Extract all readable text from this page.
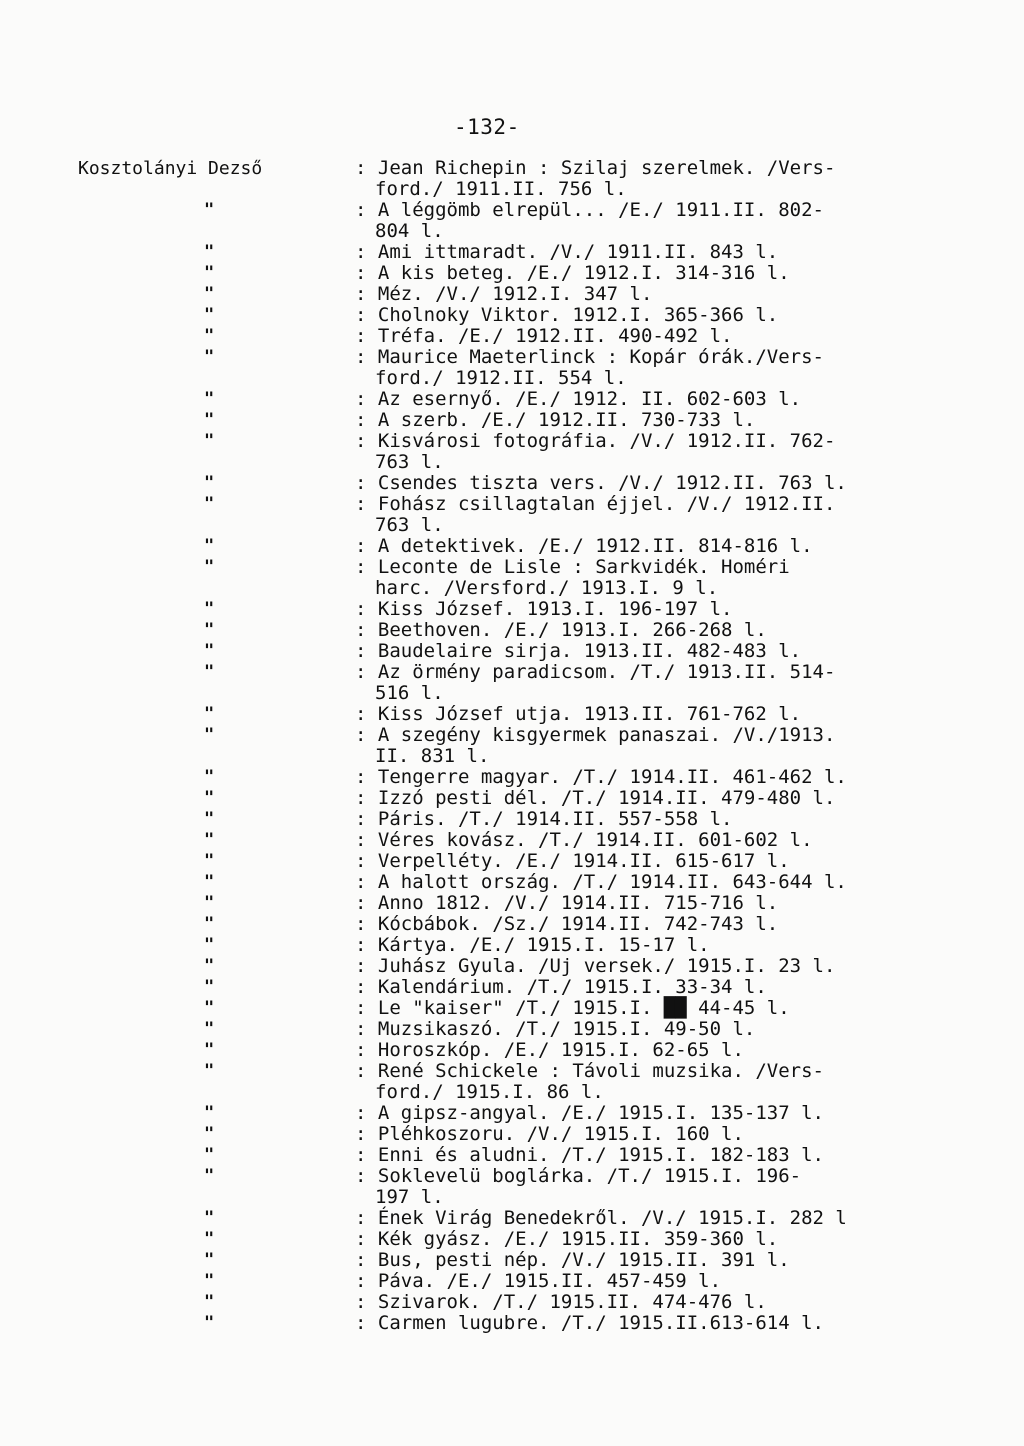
-132-
Kosztolányi Dezső	: Jean Richepin : Szilaj szerelmek. /Vers-
ford./ 1911.II. 756 l.
"	: A léggömb elrepül... /E./ 1911.II. 802-
804 l.
"	: Ami ittmaradt. /V./ 1911.II. 843 l.
"	: A kis beteg. /E./ 1912.I. 314-316 l.
"	: Méz. /V./ 1912.I. 347 l.
"	: Cholnoky Viktor. 1912.I. 365-366 l.
"	: Tréfa. /E./ 1912.II. 490-492 l.
"	: Maurice Maeterlinck : Kopár órák./Vers-
ford./ 1912.II. 554 l.
"	: Az esernyő. /E./ 1912. II. 602-603 l.
"	: A szerb. /E./ 1912.II. 730-733 l.
"	: Kisvárosi fotográfia. /V./ 1912.II. 762-
763 l.
"	: Csendes tiszta vers. /V./ 1912.II. 763 l.
"	: Fohász csillagtalan éjjel. /V./ 1912.II.
763 l.
"	: A detektivek. /E./ 1912.II. 814-816 l.
"	: Leconte de Lisle : Sarkvidék. Homéri
harc. /Versford./ 1913.I. 9 l.
"	: Kiss József. 1913.I. 196-197 l.
"	: Beethoven. /E./ 1913.I. 266-268 l.
"	: Baudelaire sirja. 1913.II. 482-483 l.
"	: Az örmény paradicsom. /T./ 1913.II. 514-
516 l.
"	: Kiss József utja. 1913.II. 761-762 l.
"	: A szegény kisgyermek panaszai. /V./1913.
II. 831 l.
"	: Tengerre magyar. /T./ 1914.II. 461-462 l.
"	: Izzó pesti dél. /T./ 1914.II. 479-480 l.
"	: Páris. /T./ 1914.II. 557-558 l.
"	: Véres kovász. /T./ 1914.II. 601-602 l.
"	: Verpelléty. /E./ 1914.II. 615-617 l.
"	: A halott ország. /T./ 1914.II. 643-644 l.
"	: Anno 1812. /V./ 1914.II. 715-716 l.
"	: Kócbábok. /Sz./ 1914.II. 742-743 l.
"	: Kártya. /E./ 1915.I. 15-17 l.
"	: Juhász Gyula. /Uj versek./ 1915.I. 23 l.
"	: Kalendárium. /T./ 1915.I. 33-34 l.
"	: Le "kaiser" /T./ 1915.I. ██ 44-45 l.
"	: Muzsikaszó. /T./ 1915.I. 49-50 l.
"	: Horoszkóp. /E./ 1915.I. 62-65 l.
"	: René Schickele : Távoli muzsika. /Vers-
ford./ 1915.I. 86 l.
"	: A gipsz-angyal. /E./ 1915.I. 135-137 l.
"	: Pléhkoszoru. /V./ 1915.I. 160 l.
"	: Enni és aludni. /T./ 1915.I. 182-183 l.
"	: Soklevelü boglárka. /T./ 1915.I. 196-
197 l.
"	: Ének Virág Benedekről. /V./ 1915.I. 282 l
"	: Kék gyász. /E./ 1915.II. 359-360 l.
"	: Bus, pesti nép. /V./ 1915.II. 391 l.
"	: Páva. /E./ 1915.II. 457-459 l.
"	: Szivarok. /T./ 1915.II. 474-476 l.
"	: Carmen lugubre. /T./ 1915.II.613-614 l.
